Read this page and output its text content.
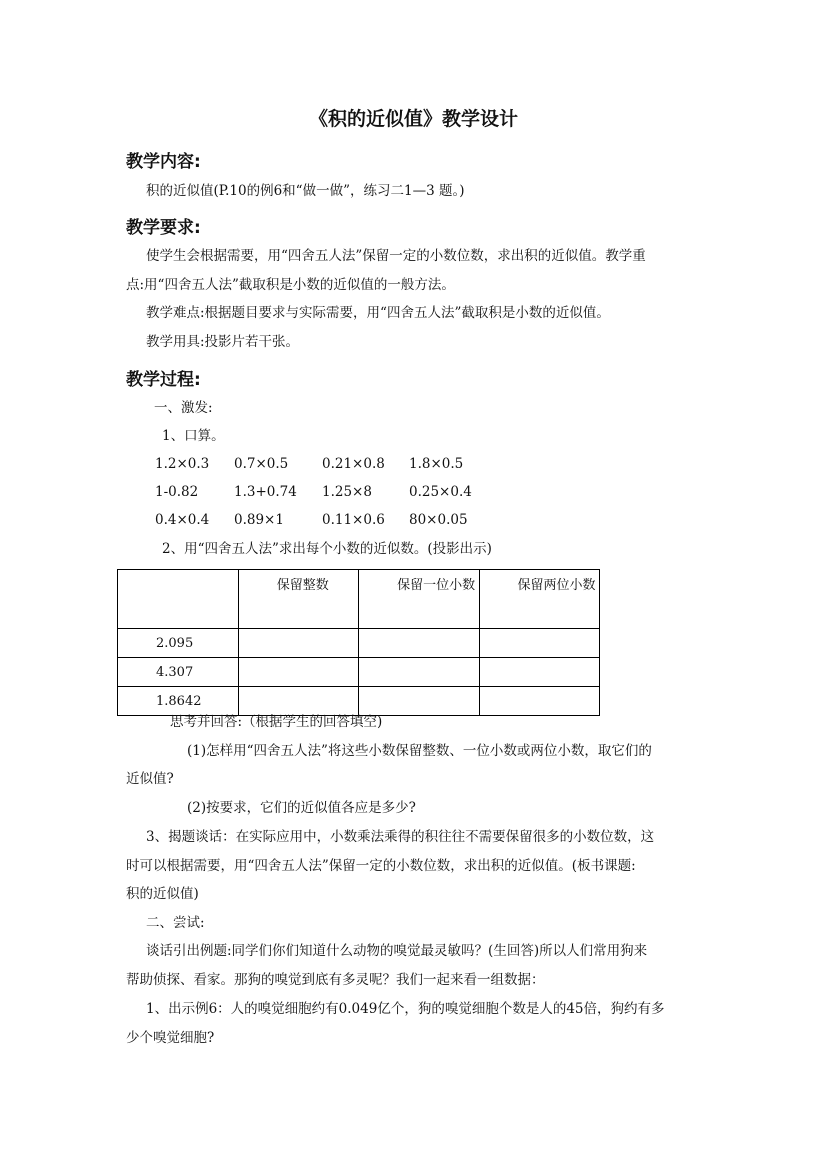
《积的近似值》教学设计
教学内容:
积的近似值(P.10的例6和“做一做”，练习二1—3 题。)
教学要求:
使学生会根据需要，用“四舍五人法”保留一定的小数位数，求出积的近似值。教学重
点:用“四舍五人法”截取积是小数的近似值的一般方法。
教学难点:根据题目要求与实际需要，用“四舍五人法”截取积是小数的近似值。
教学用具:投影片若干张。
教学过程:
一、激发:
1、口算。
1.2×0.3 0.7×0.5 0.21×0.8 1.8×0.5
1-0.82	1.3+0.74 1.25×8	0.25×0.4
0.4×0.4 0.89×1	0.11×0.6 80×0.05
2、用“四舍五人法”求出每个小数的近似数。(投影出示)
	保留整数	保留一位小数	保留两位小数
2.095			
4.307			
1.8642			
思考并回答:（根据学生的回答填空)
(1)怎样用“四舍五人法”将这些小数保留整数、一位小数或两位小数，取它们的
近似值?
(2)按要求，它们的近似值各应是多少?
3、揭题谈话：在实际应用中，小数乘法乘得的积往往不需要保留很多的小数位数，这
时可以根据需要，用“四舍五人法”保留一定的小数位数，求出积的近似值。(板书课题:
积的近似值)
二、尝试:
谈话引出例题:同学们你们知道什么动物的嗅觉最灵敏吗？(生回答)所以人们常用狗来
帮助侦探、看家。那狗的嗅觉到底有多灵呢？我们一起来看一组数据：
1、出示例6：人的嗅觉细胞约有0.049亿个，狗的嗅觉细胞个数是人的45倍，狗约有多
少个嗅觉细胞?
